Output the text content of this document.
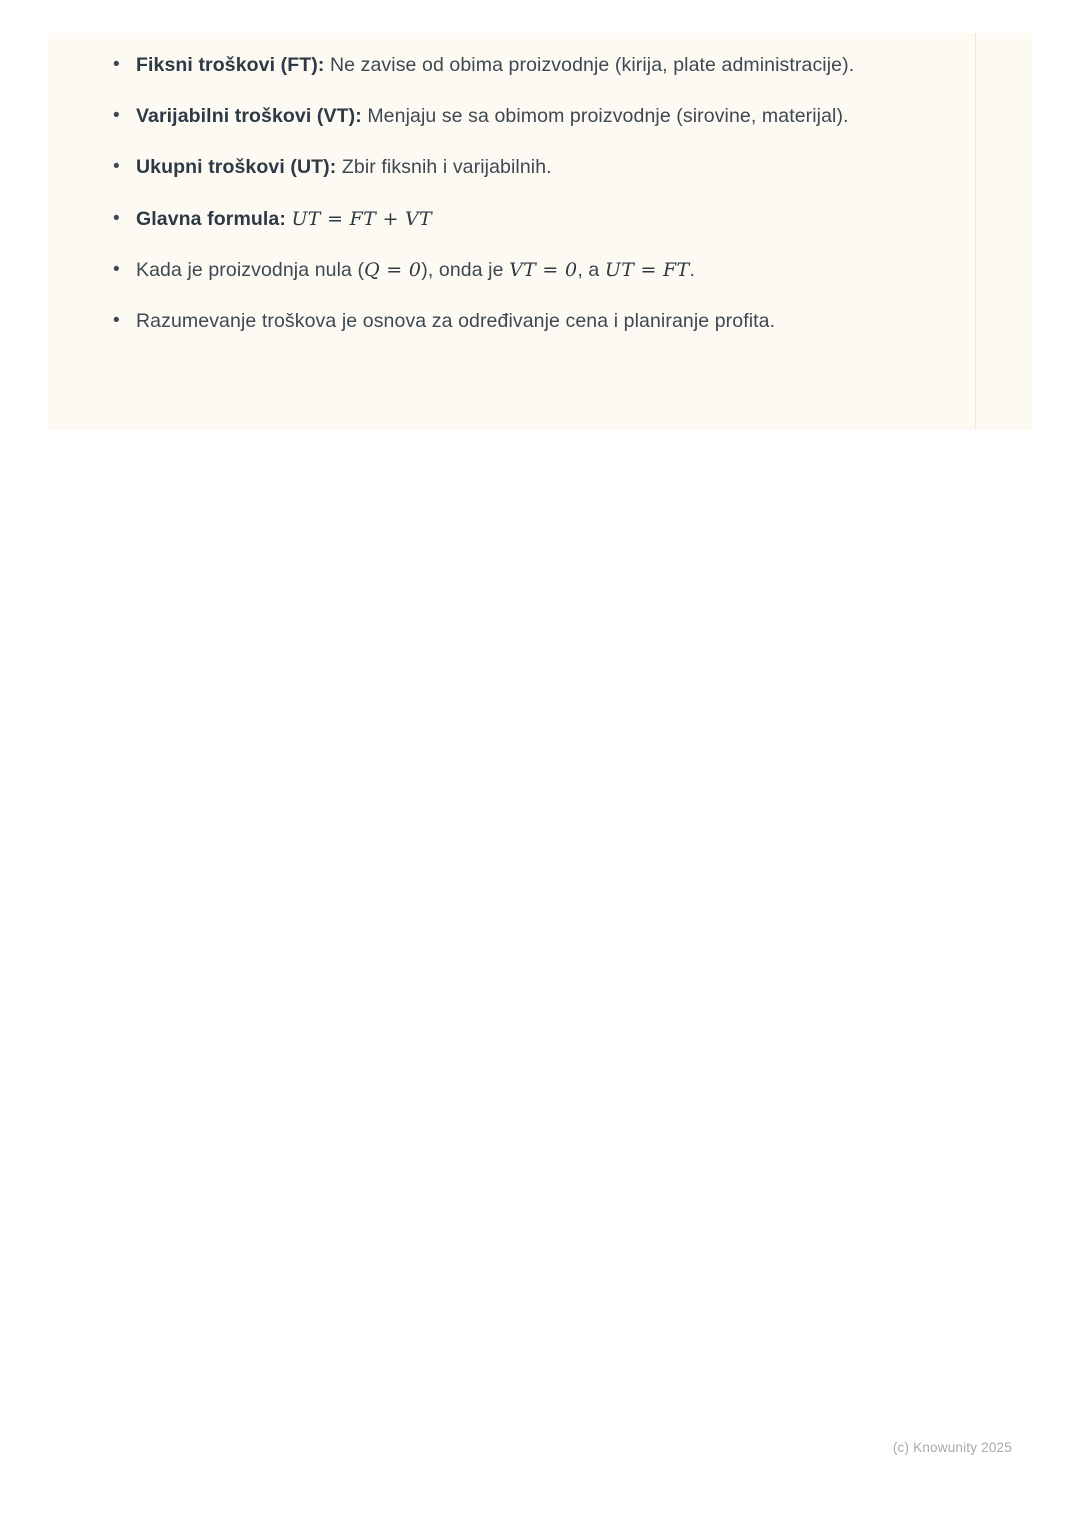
• Fiksni troškovi (FT): Ne zavise od obima proizvodnje (kirija, plate administracije).
• Varijabilni troškovi (VT): Menjaju se sa obimom proizvodnje (sirovine, materijal).
• Ukupni troškovi (UT): Zbir fiksnih i varijabilnih.
• Glavna formula: UT = FT + VT
• Kada je proizvodnja nula (Q = 0), onda je VT = 0, a UT = FT.
• Razumevanje troškova je osnova za određivanje cena i planiranje profita.
(c) Knowunity 2025
